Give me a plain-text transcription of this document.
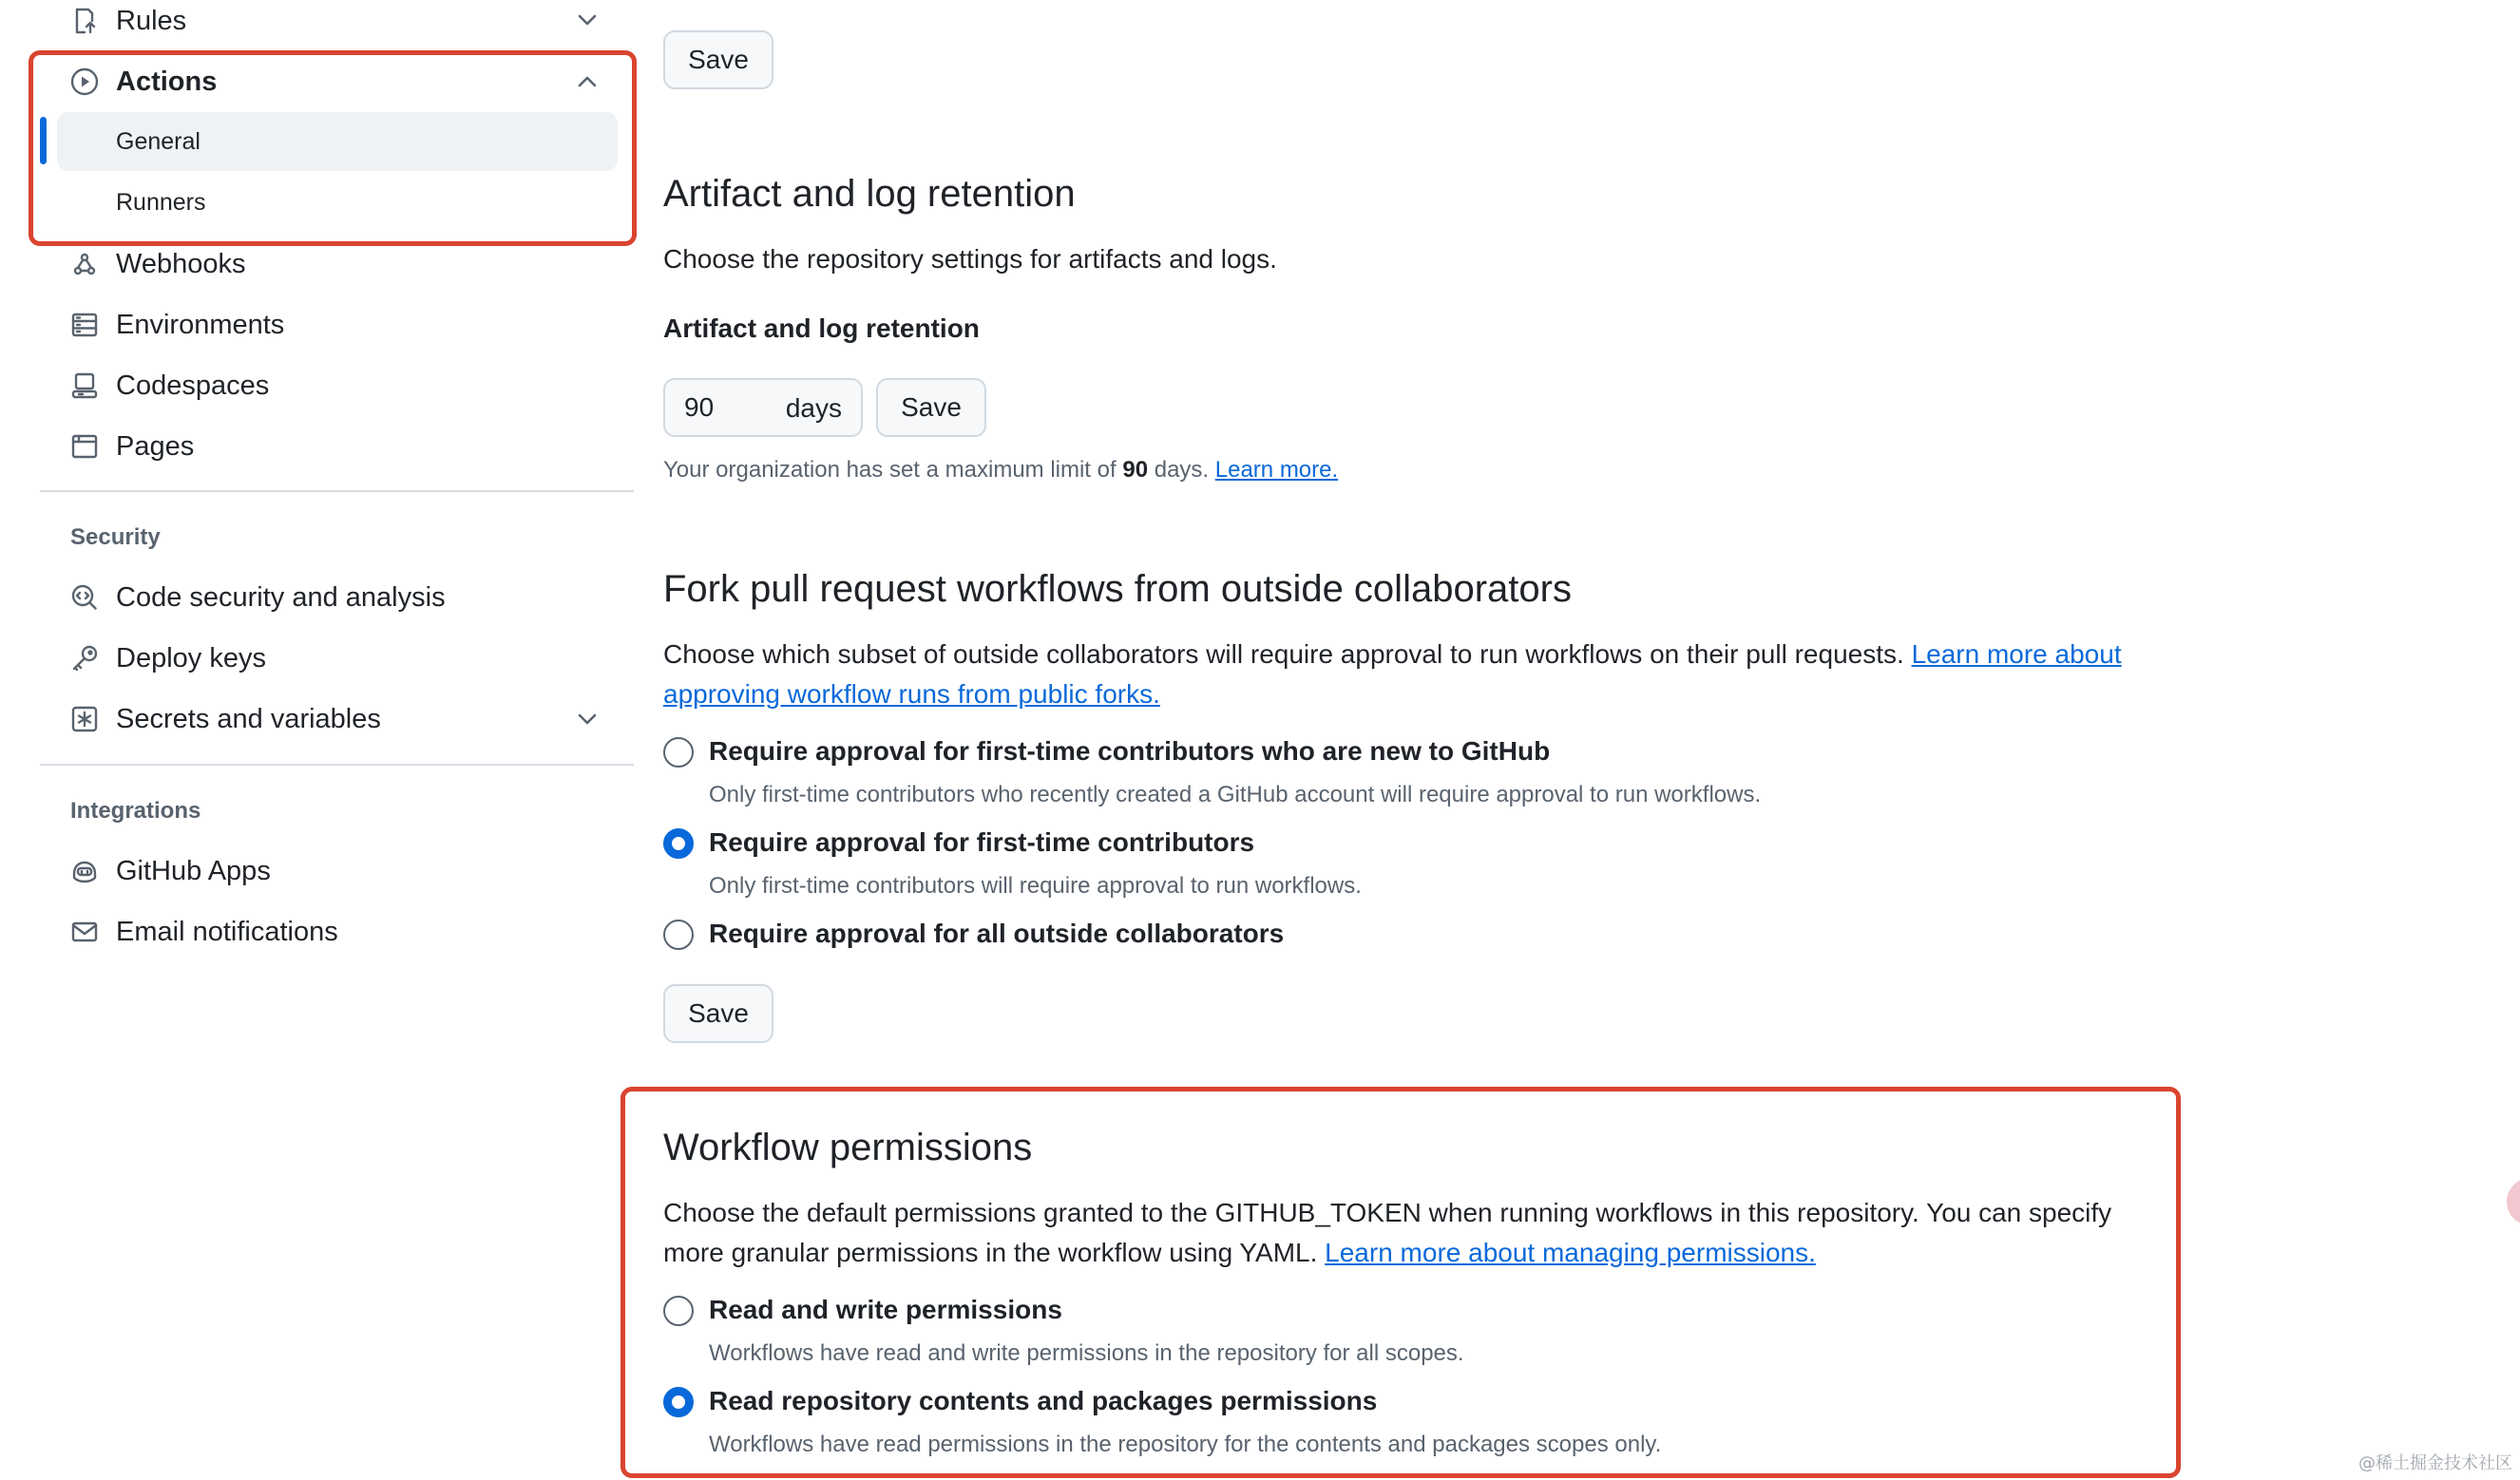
Rules
Actions
General
Runners
Webhooks
Environments
Codespaces
Pages
Security
Code security and analysis
Deploy keys
Secrets and variables
Integrations
GitHub Apps
Email notifications
Save
Artifact and log retention
Choose the repository settings for artifacts and logs.
Artifact and log retention
90
days	Save
Your organization has set a maximum limit of 90 days. Learn more.
Fork pull request workflows from outside collaborators
Choose which subset of outside collaborators will require approval to run workflows on their pull requests. Learn more about approving workflow runs from public forks.
Require approval for first-time contributors who are new to GitHub
Only first-time contributors who recently created a GitHub account will require approval to run workflows.
Require approval for first-time contributors
Only first-time contributors will require approval to run workflows.
Require approval for all outside collaborators
Save
Workflow permissions
Choose the default permissions granted to the GITHUB_TOKEN when running workflows in this repository. You can specify more granular permissions in the workflow using YAML. Learn more about managing permissions.
Read and write permissions
Workflows have read and write permissions in the repository for all scopes.
Read repository contents and packages permissions
Workflows have read permissions in the repository for the contents and packages scopes only.
@稀土掘金技术社区
